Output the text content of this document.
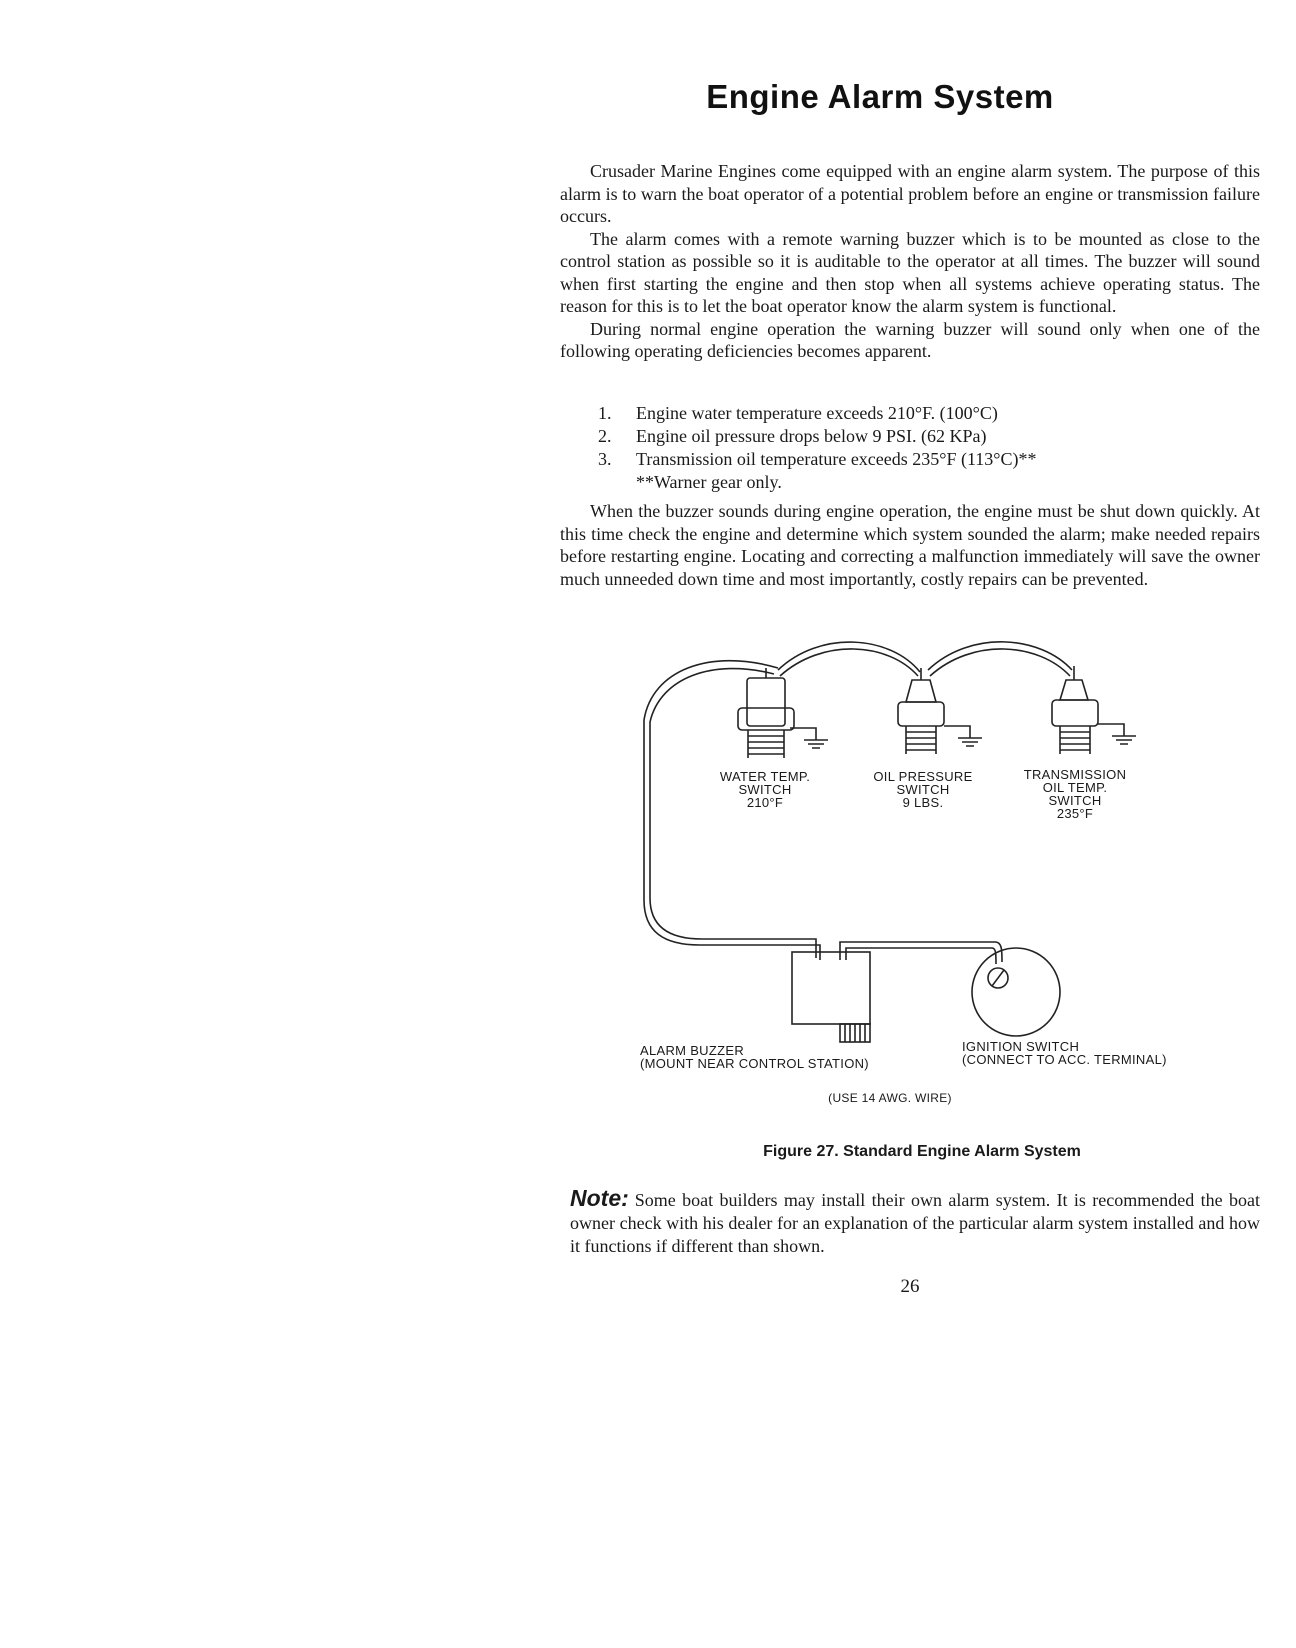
Engine Alarm System

Crusader Marine Engines come equipped with an engine alarm system. The purpose of this alarm is to warn the boat operator of a potential problem before an engine or transmission failure occurs.

The alarm comes with a remote warning buzzer which is to be mounted as close to the control station as possible so it is auditable to the operator at all times. The buzzer will sound when first starting the engine and then stop when all systems achieve operating status. The reason for this is to let the boat operator know the alarm system is functional.

During normal engine operation the warning buzzer will sound only when one of the following operating deficiencies becomes apparent.

1.	Engine water temperature exceeds 210°F. (100°C)
2.	Engine oil pressure drops below 9 PSI. (62 KPa)
3.	Transmission oil temperature exceeds 235°F (113°C)**
**Warner gear only.

When the buzzer sounds during engine operation, the engine must be shut down quickly. At this time check the engine and determine which system sounded the alarm; make needed repairs before restarting engine. Locating and correcting a malfunction immediately will save the owner much unneeded down time and most importantly, costly repairs can be prevented.

WATER TEMP.
SWITCH
210°F
OIL PRESSURE
SWITCH
9 LBS.
TRANSMISSION
OIL TEMP.
SWITCH
235°F
ALARM BUZZER
(MOUNT NEAR CONTROL STATION)
IGNITION SWITCH
(CONNECT TO ACC. TERMINAL)
(USE 14 AWG. WIRE)
Figure 27. Standard Engine Alarm System
Note: Some boat builders may install their own alarm system. It is recommended the boat owner check with his dealer for an explanation of the particular alarm system installed and how it functions if different than shown.
26
